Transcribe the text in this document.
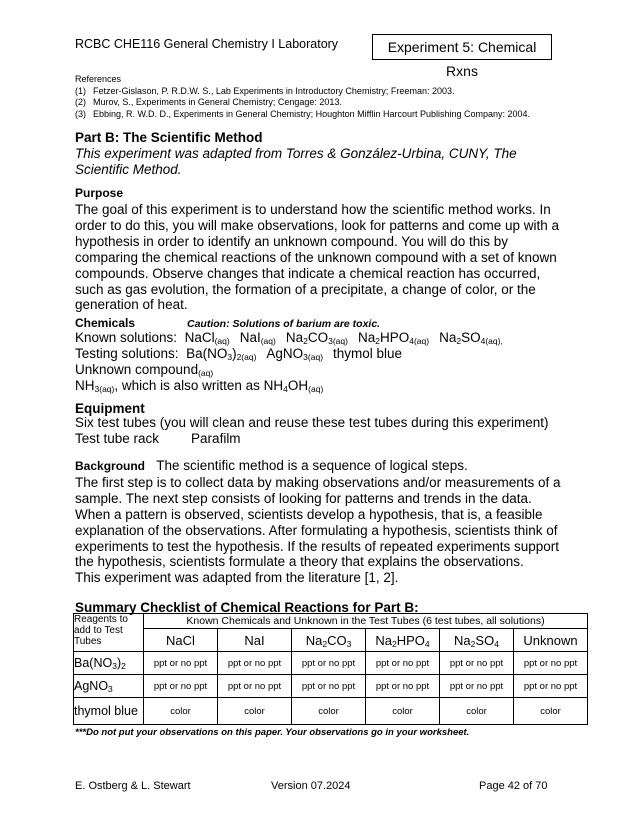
RCBC CHE116 General Chemistry I Laboratory	Experiment 5: Chemical Rxns
References
(1) Fetzer-Gislason, P. R.D.W. S., Lab Experiments in Introductory Chemistry; Freeman: 2003.
(2) Murov, S., Experiments in General Chemistry; Cengage: 2013.
(3) Ebbing, R. W.D. D., Experiments in General Chemistry; Houghton Mifflin Harcourt Publishing Company: 2004.
Part B: The Scientific Method
This experiment was adapted from Torres & González-Urbina, CUNY, The Scientific Method.
Purpose
The goal of this experiment is to understand how the scientific method works. In order to do this, you will make observations, look for patterns and come up with a hypothesis in order to identify an unknown compound. You will do this by comparing the chemical reactions of the unknown compound with a set of known compounds. Observe changes that indicate a chemical reaction has occurred, such as gas evolution, the formation of a precipitate, a change of color, or the generation of heat.
Chemicals	Caution: Solutions of barium are toxic.
Known solutions:  NaCl$_{(aq)}$ NaI$_{(aq)}$ $Na_2CO_{3(aq)}$ $Na_2HPO_{4(aq)}$ $Na_2SO_{4(aq),}$
Testing solutions:  $Ba(NO_3)_{2(aq)}$ AgNO$_{3(aq)}$ thymol blue
Unknown compound$_{(aq)}$
$NH_{3(aq)}$, which is also written as $NH_4OH_{(aq)}$
Equipment
Six test tubes (you will clean and reuse these test tubes during this experiment)
Test tube rack Parafilm
Background The scientific method is a sequence of logical steps.
The first step is to collect data by making observations and/or measurements of a sample. The next step consists of looking for patterns and trends in the data. When a pattern is observed, scientists develop a hypothesis, that is, a feasible explanation of the observations. After formulating a hypothesis, scientists think of experiments to test the hypothesis. If the results of repeated experiments support the hypothesis, scientists formulate a theory that explains the observations.
This experiment was adapted from the literature [1, 2].
Summary Checklist of Chemical Reactions for Part B:
Reagents to add to Test Tubes	Known Chemicals and Unknown in the Test Tubes (6 test tubes, all solutions)					
	NaCl	NaI	$Na_2CO_3$	$Na_2HPO_4$	$Na_2SO_4$	Unknown
$Ba(NO_3)_2$	ppt or no ppt	ppt or no ppt	ppt or no ppt	ppt or no ppt	ppt or no ppt	ppt or no ppt
AgNO$_3$	ppt or no ppt	ppt or no ppt	ppt or no ppt	ppt or no ppt	ppt or no ppt	ppt or no ppt
thymol blue	color	color	color	color	color	color
***Do not put your observations on this paper. Your observations go in your worksheet.
E. Ostberg & L. Stewart	Version 07.2024	Page 42 of 70
